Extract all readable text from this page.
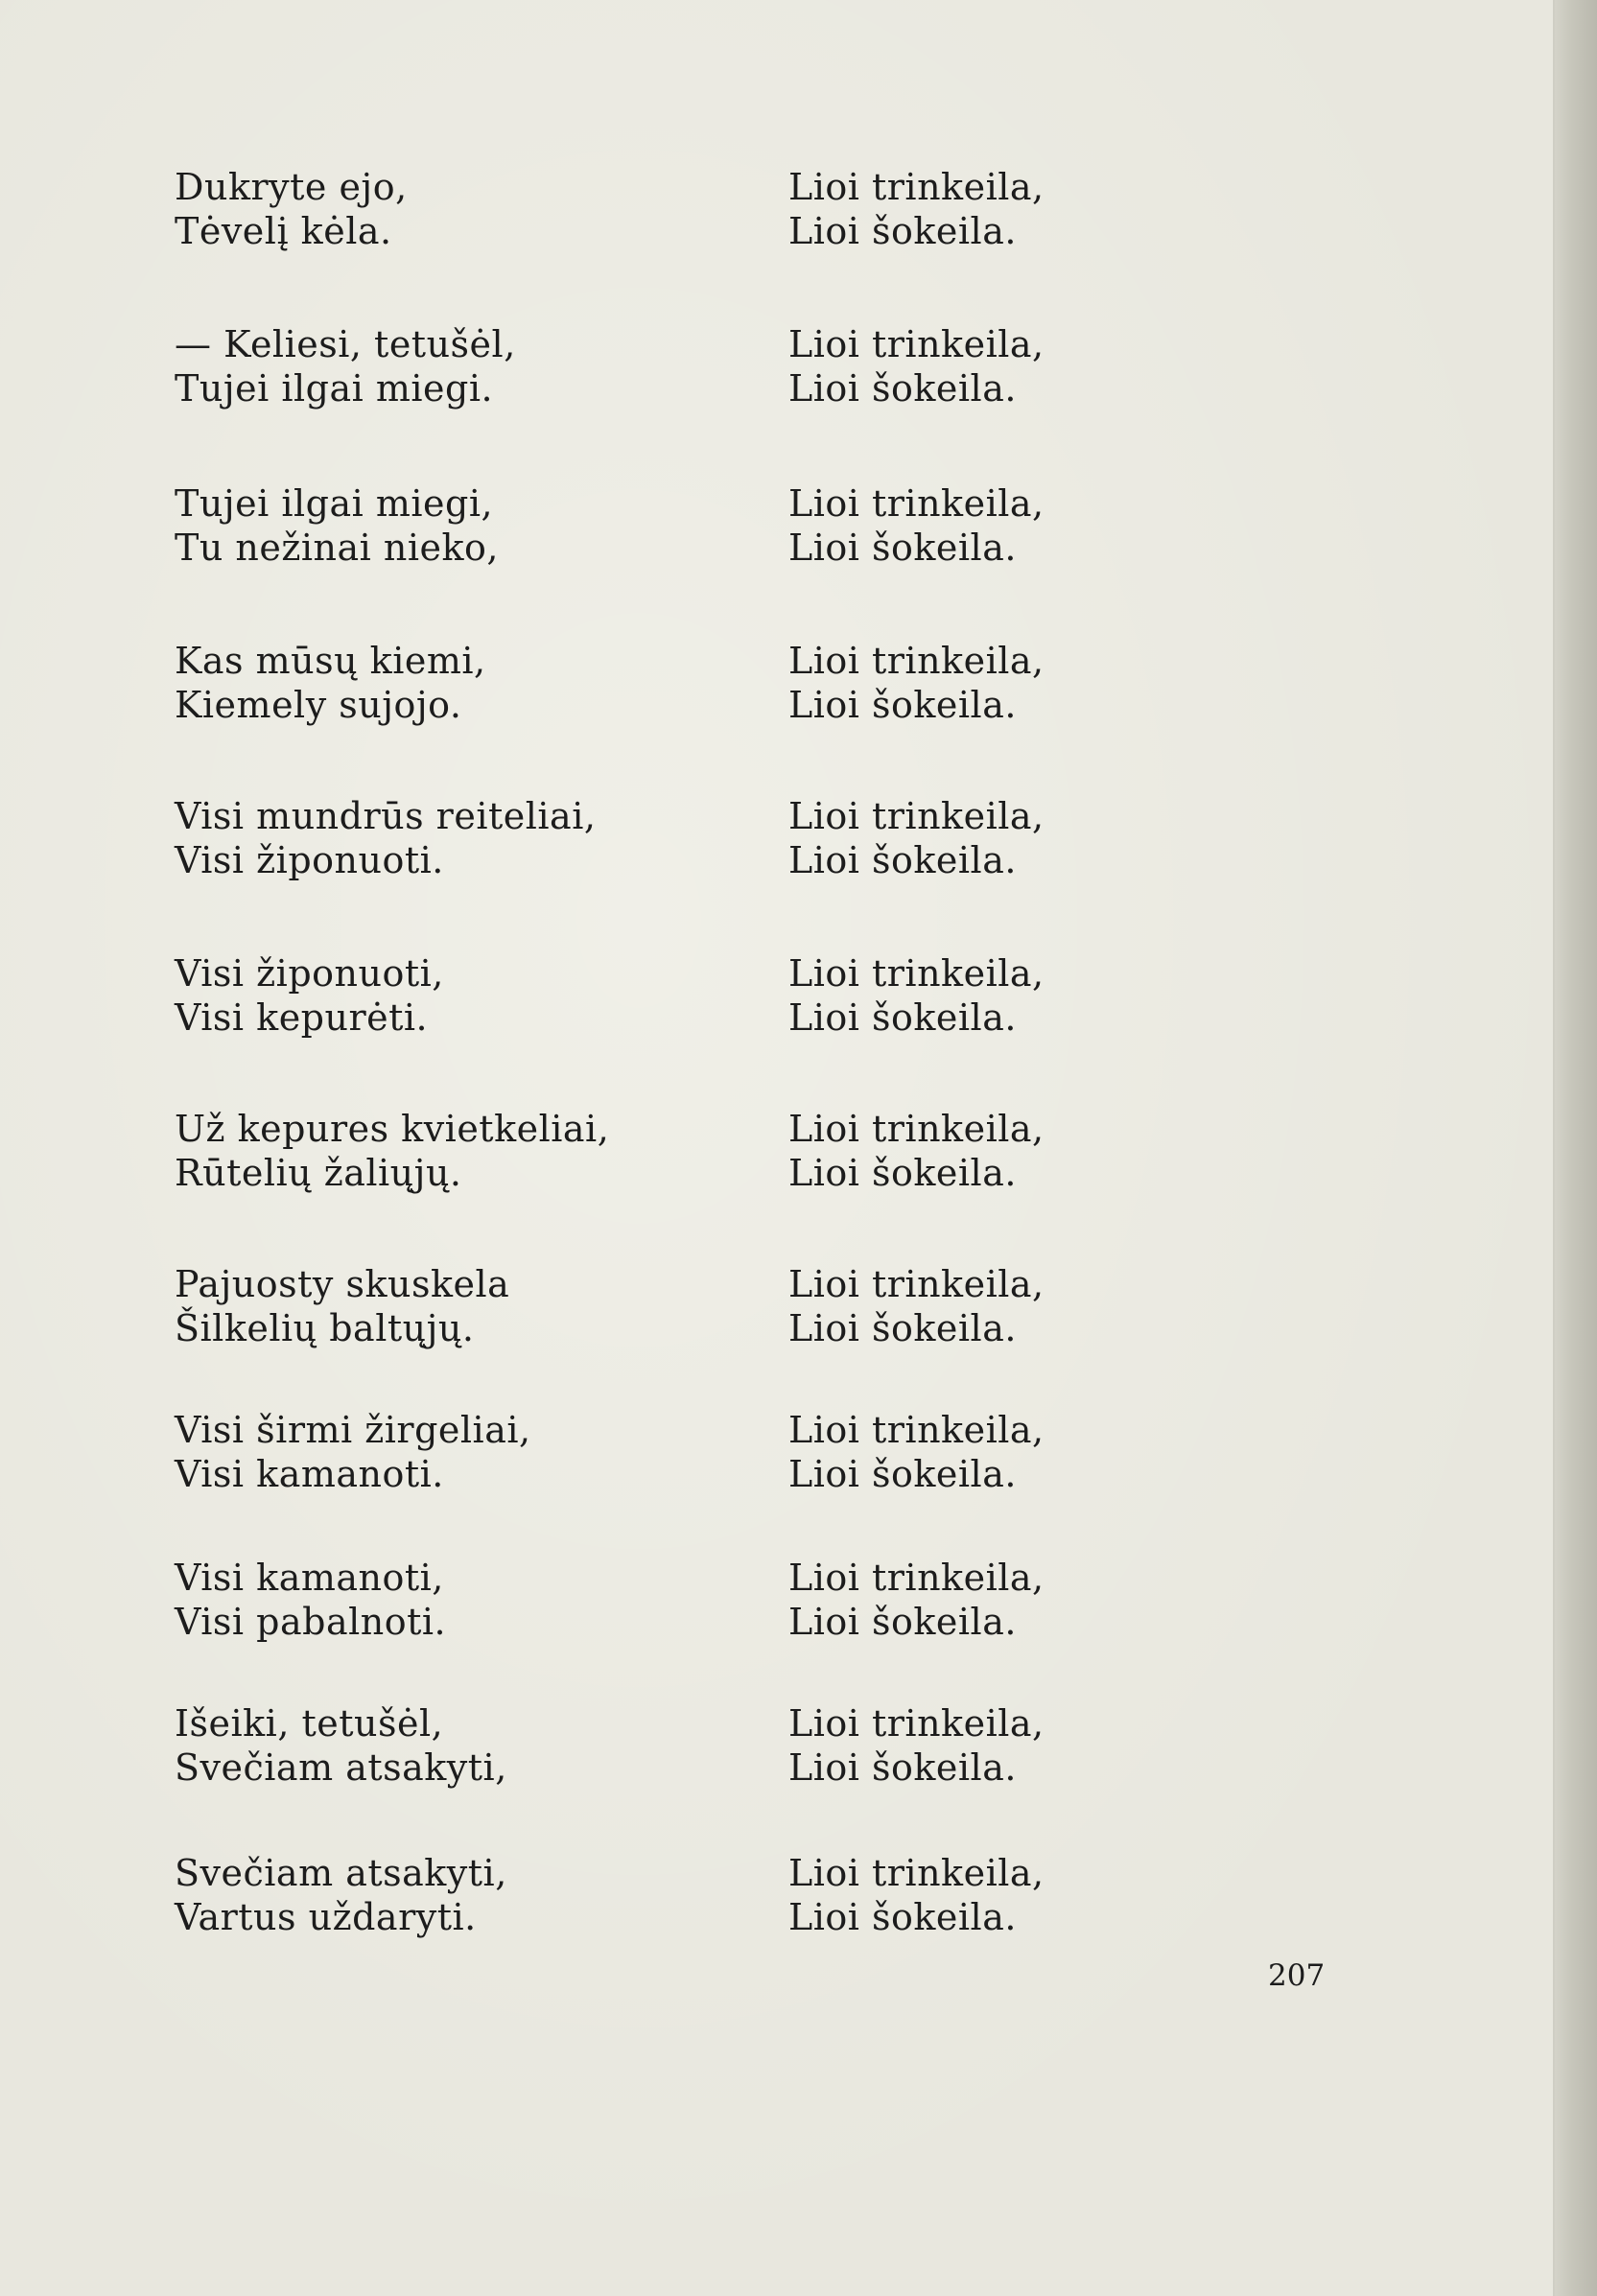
Dukryte ejo,
Tėvelį kėla.
Lioi trinkeila,
Lioi šokeila.
— Keliesi, tetušėl,
Tujei ilgai miegi.
Lioi trinkeila,
Lioi šokeila.
Tujei ilgai miegi,
Tu nežinai nieko,
Lioi trinkeila,
Lioi šokeila.
Kas mūsų kiemi,
Kiemely sujojo.
Lioi trinkeila,
Lioi šokeila.
Visi mundrūs reiteliai,
Visi žiponuoti.
Lioi trinkeila,
Lioi šokeila.
Visi žiponuoti,
Visi kepurėti.
Lioi trinkeila,
Lioi šokeila.
Už kepures kvietkeliai,
Rūtelių žaliųjų.
Lioi trinkeila,
Lioi šokeila.
Pajuosty skuskela
Šilkelių baltųjų.
Lioi trinkeila,
Lioi šokeila.
Visi širmi žirgeliai,
Visi kamanoti.
Lioi trinkeila,
Lioi šokeila.
Visi kamanoti,
Visi pabalnoti.
Lioi trinkeila,
Lioi šokeila.
Išeiki, tetušėl,
Svečiam atsakyti,
Lioi trinkeila,
Lioi šokeila.
Svečiam atsakyti,
Vartus uždaryti.
Lioi trinkeila,
Lioi šokeila.
207
